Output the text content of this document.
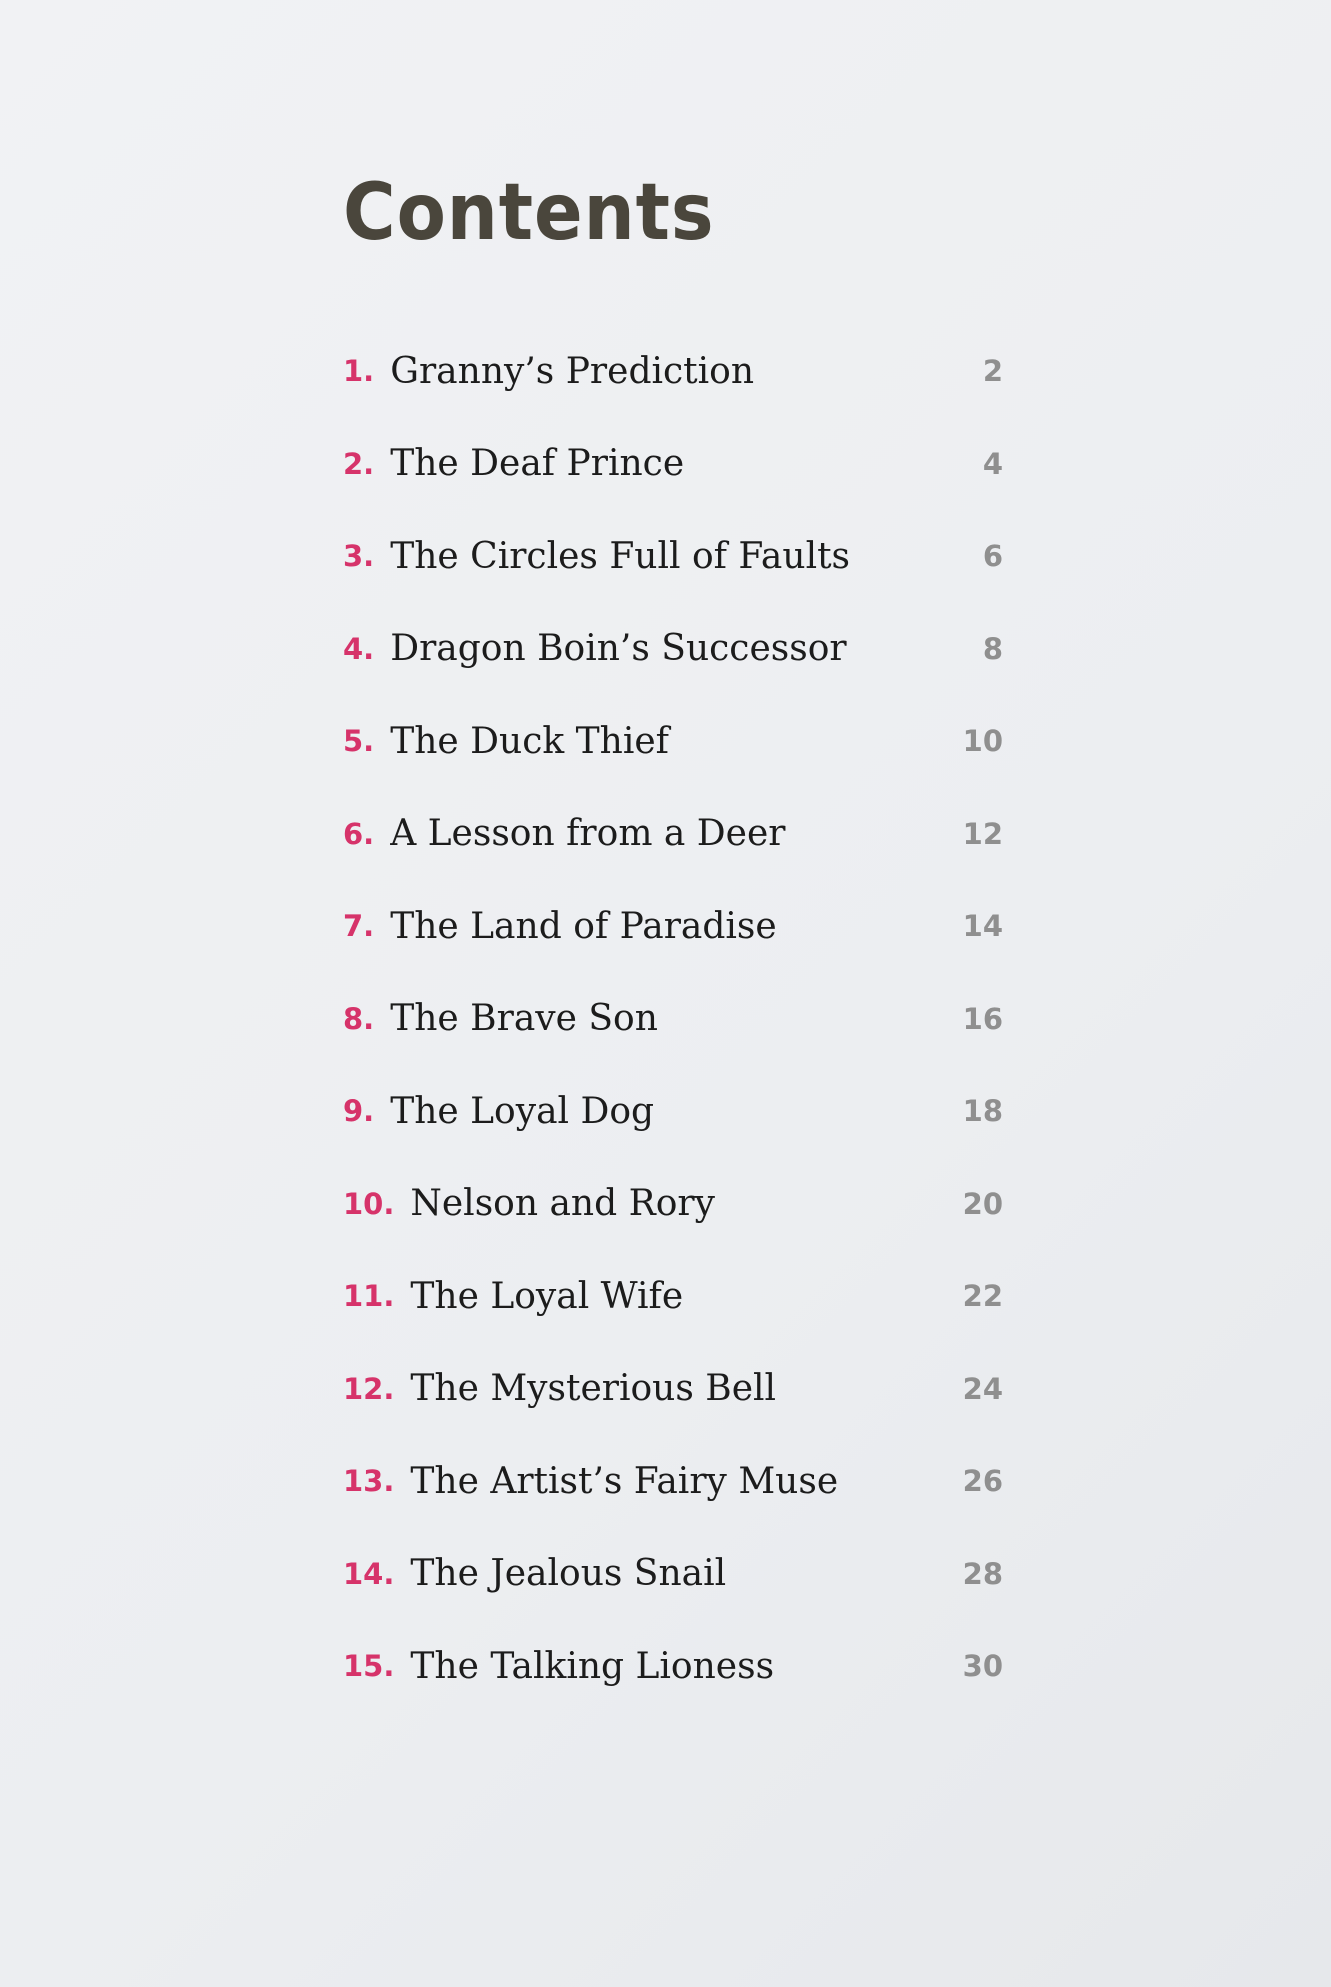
Contents
1. Granny’s Prediction	2
2. The Deaf Prince	4
3. The Circles Full of Faults	6
4. Dragon Boin’s Successor	8
5. The Duck Thief	10
6. A Lesson from a Deer	12
7. The Land of Paradise	14
8. The Brave Son	16
9. The Loyal Dog	18
10. Nelson and Rory	20
11. The Loyal Wife	22
12. The Mysterious Bell	24
13. The Artist’s Fairy Muse	26
14. The Jealous Snail	28
15. The Talking Lioness	30
